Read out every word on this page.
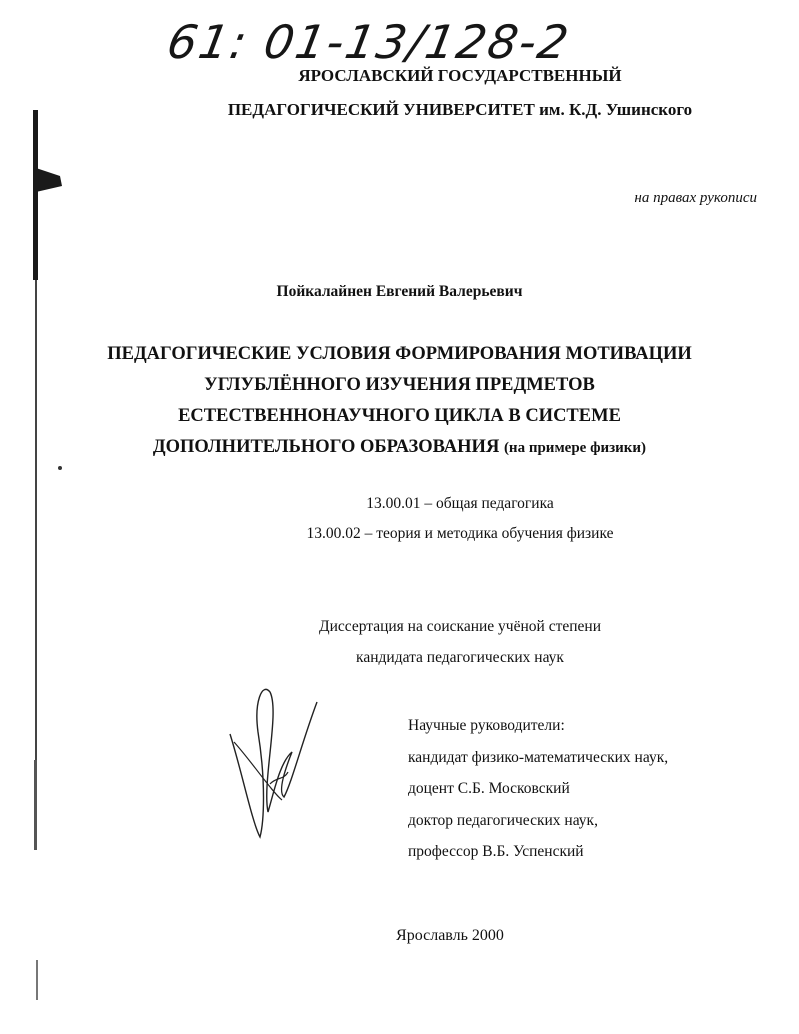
61: 01-13/128-2
ЯРОСЛАВСКИЙ ГОСУДАРСТВЕННЫЙ
ПЕДАГОГИЧЕСКИЙ УНИВЕРСИТЕТ им. К.Д. Ушинского
на правах рукописи
Пойкалайнен Евгений Валерьевич
ПЕДАГОГИЧЕСКИЕ УСЛОВИЯ ФОРМИРОВАНИЯ МОТИВАЦИИ
УГЛУБЛЁННОГО ИЗУЧЕНИЯ ПРЕДМЕТОВ
ЕСТЕСТВЕННОНАУЧНОГО ЦИКЛА В СИСТЕМЕ
ДОПОЛНИТЕЛЬНОГО ОБРАЗОВАНИЯ (на примере физики)
13.00.01 – общая педагогика
13.00.02 – теория и методика обучения физике
Диссертация на соискание учёной степени
кандидата педагогических наук
Научные руководители:
кандидат физико-математических наук,
доцент С.Б. Московский
доктор педагогических наук,
профессор В.Б. Успенский
Ярославль 2000
